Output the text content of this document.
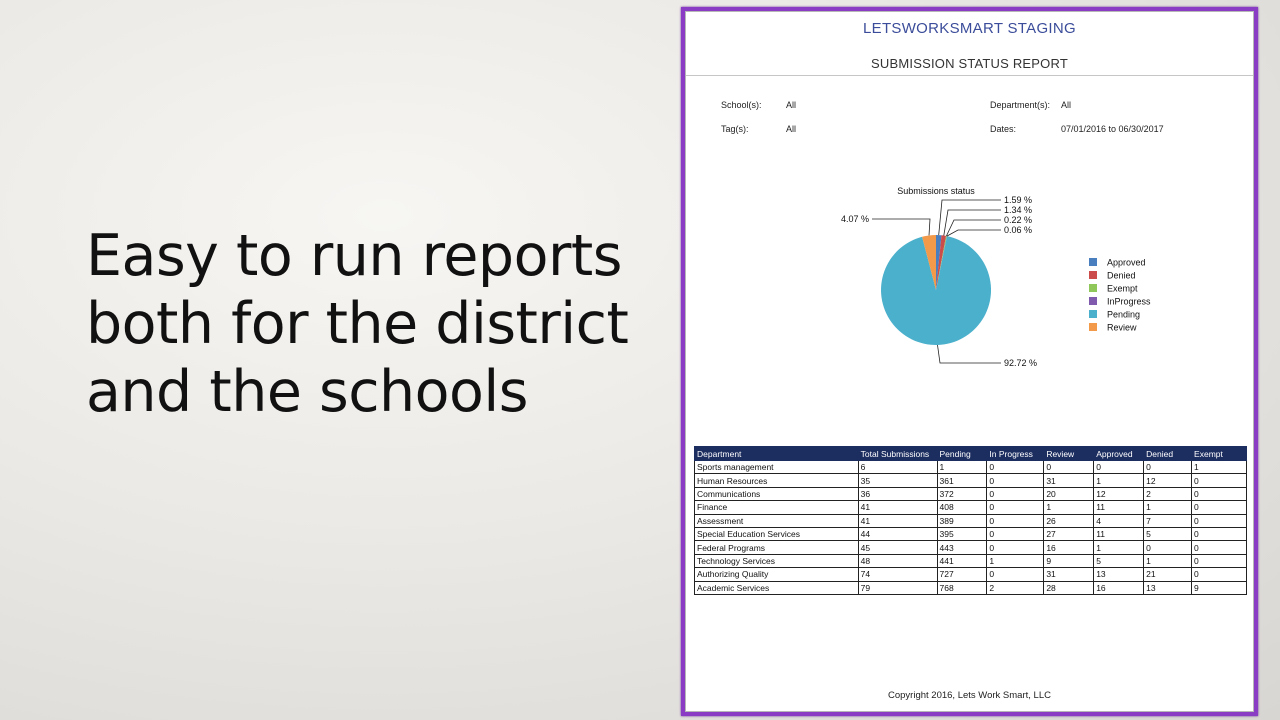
Easy to run reports
both for the district
and the schools
LETSWORKSMART STAGING
SUBMISSION STATUS REPORT
School(s):	All	Department(s): All
Tag(s):	All	Dates:	07/01/2016 to 06/30/2017
Submissions status
1.59 %
1.34 %
0.22 %
0.06 %
92.72 %
4.07 %
Approved
Denied
Exempt
InProgress
Pending
Review
Department	Total Submissions	Pending	In Progress	Review	Approved	Denied	Exempt
Sports management	6	1	0	0	0	0	1
Human Resources	35	361	0	31	1	12	0
Communications	36	372	0	20	12	2	0
Finance	41	408	0	1	11	1	0
Assessment	41	389	0	26	4	7	0
Special Education Services	44	395	0	27	11	5	0
Federal Programs	45	443	0	16	1	0	0
Technology Services	48	441	1	9	5	1	0
Authorizing Quality	74	727	0	31	13	21	0
Academic Services	79	768	2	28	16	13	9
Copyright 2016, Lets Work Smart, LLC
